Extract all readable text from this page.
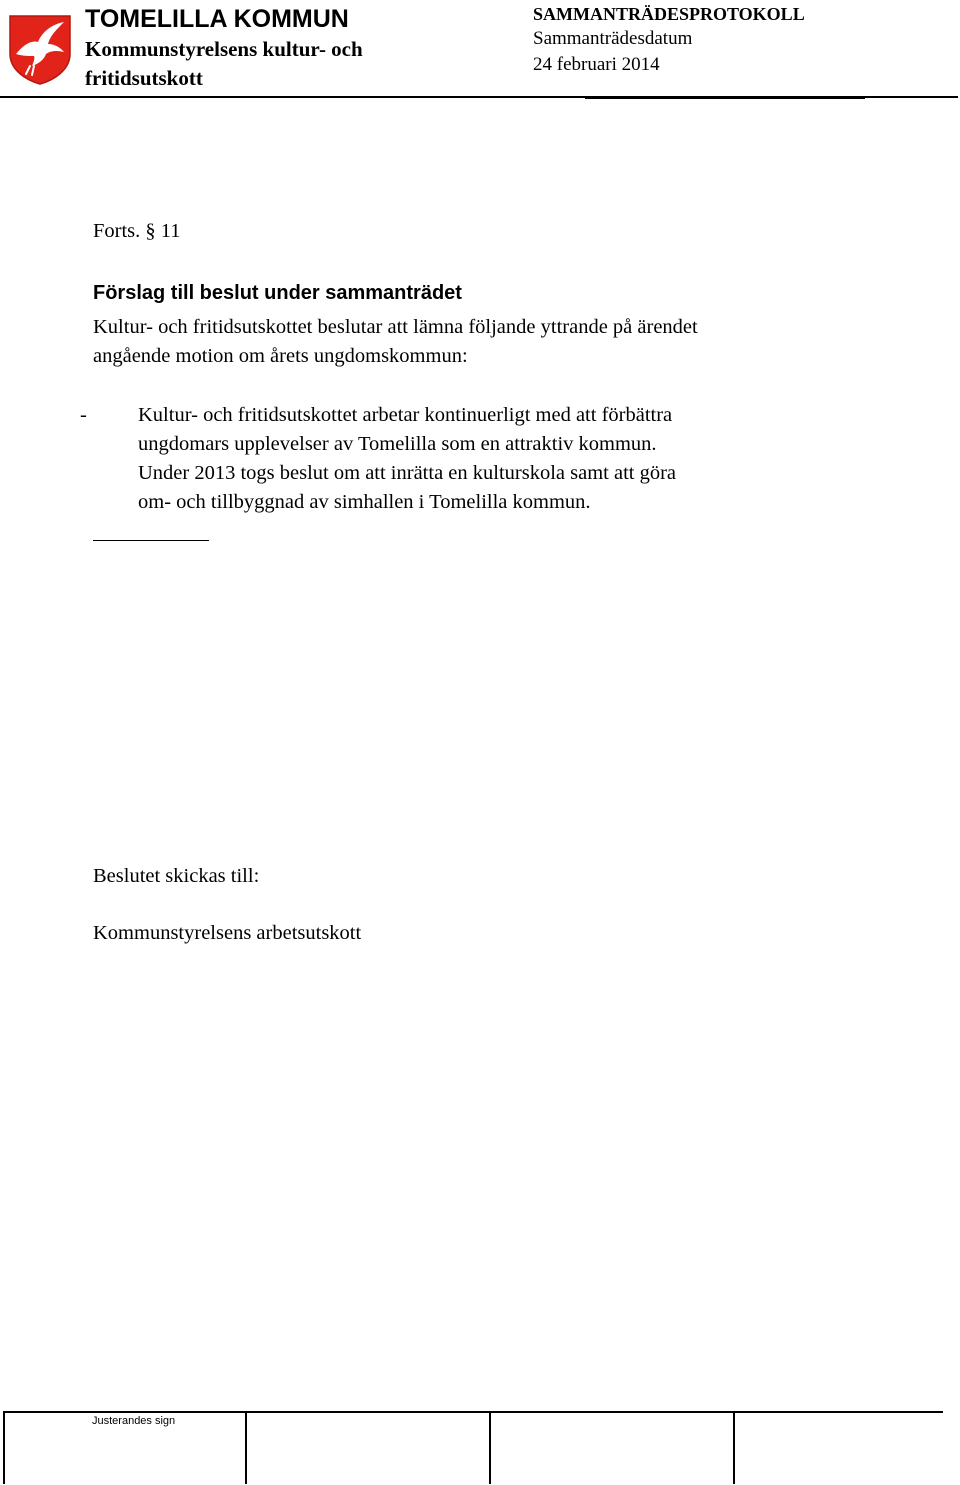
TOMELILLA KOMMUN
Kommunstyrelsens kultur- och
fritidsutskott
SAMMANTRÄDESPROTOKOLL
Sammanträdesdatum
24 februari 2014
Forts. § 11
Förslag till beslut under sammanträdet
Kultur- och fritidsutskottet beslutar att lämna följande yttrande på ärendet
angående motion om årets ungdomskommun:
- Kultur- och fritidsutskottet arbetar kontinuerligt med att förbättra
ungdomars upplevelser av Tomelilla som en attraktiv kommun.
Under 2013 togs beslut om att inrätta en kulturskola samt att göra
om- och tillbyggnad av simhallen i Tomelilla kommun.
Beslutet skickas till:
Kommunstyrelsens arbetsutskott
Justerandes sign
